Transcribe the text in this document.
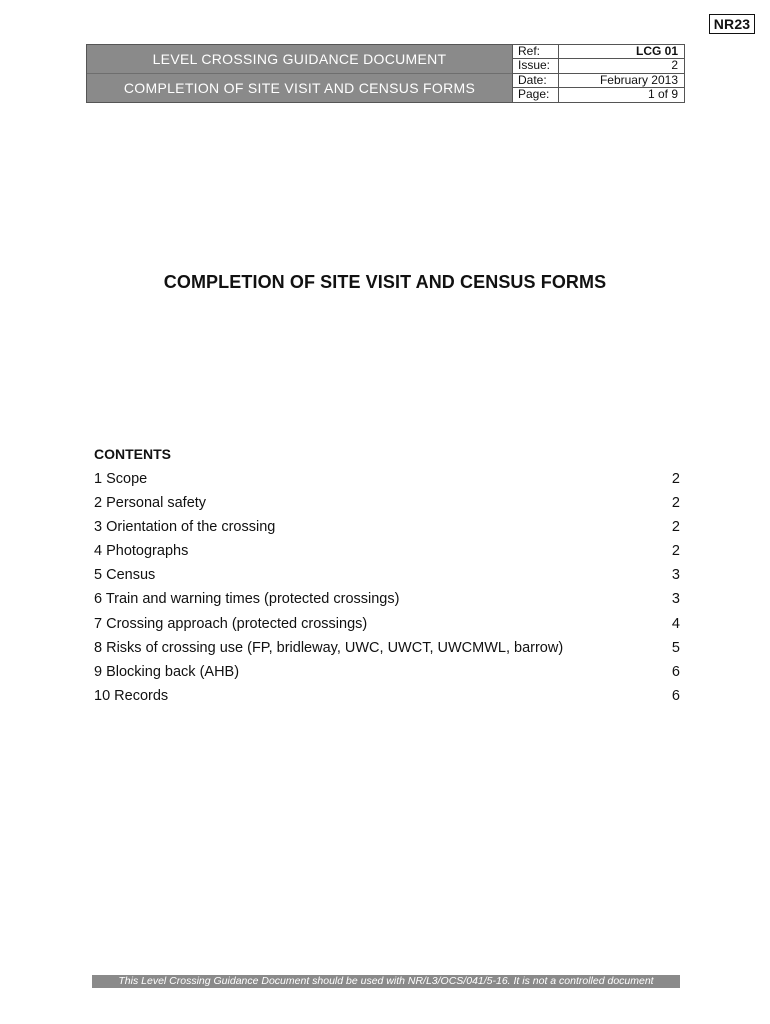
NR23
LEVEL CROSSING GUIDANCE DOCUMENT
COMPLETION OF SITE VISIT AND CENSUS FORMS
Ref:	LCG 01
Issue:	2
Date:	February 2013
Page:	1 of 9
COMPLETION OF SITE VISIT AND CENSUS FORMS
CONTENTS
1 Scope	2
2 Personal safety	2
3 Orientation of the crossing	2
4 Photographs	2
5 Census	3
6 Train and warning times (protected crossings)	3
7 Crossing approach (protected crossings)	4
8 Risks of crossing use (FP, bridleway, UWC, UWCT, UWCMWL, barrow)	5
9 Blocking back (AHB)	6
10 Records	6
This Level Crossing Guidance Document should be used with NR/L3/OCS/041/5-16. It is not a controlled document
